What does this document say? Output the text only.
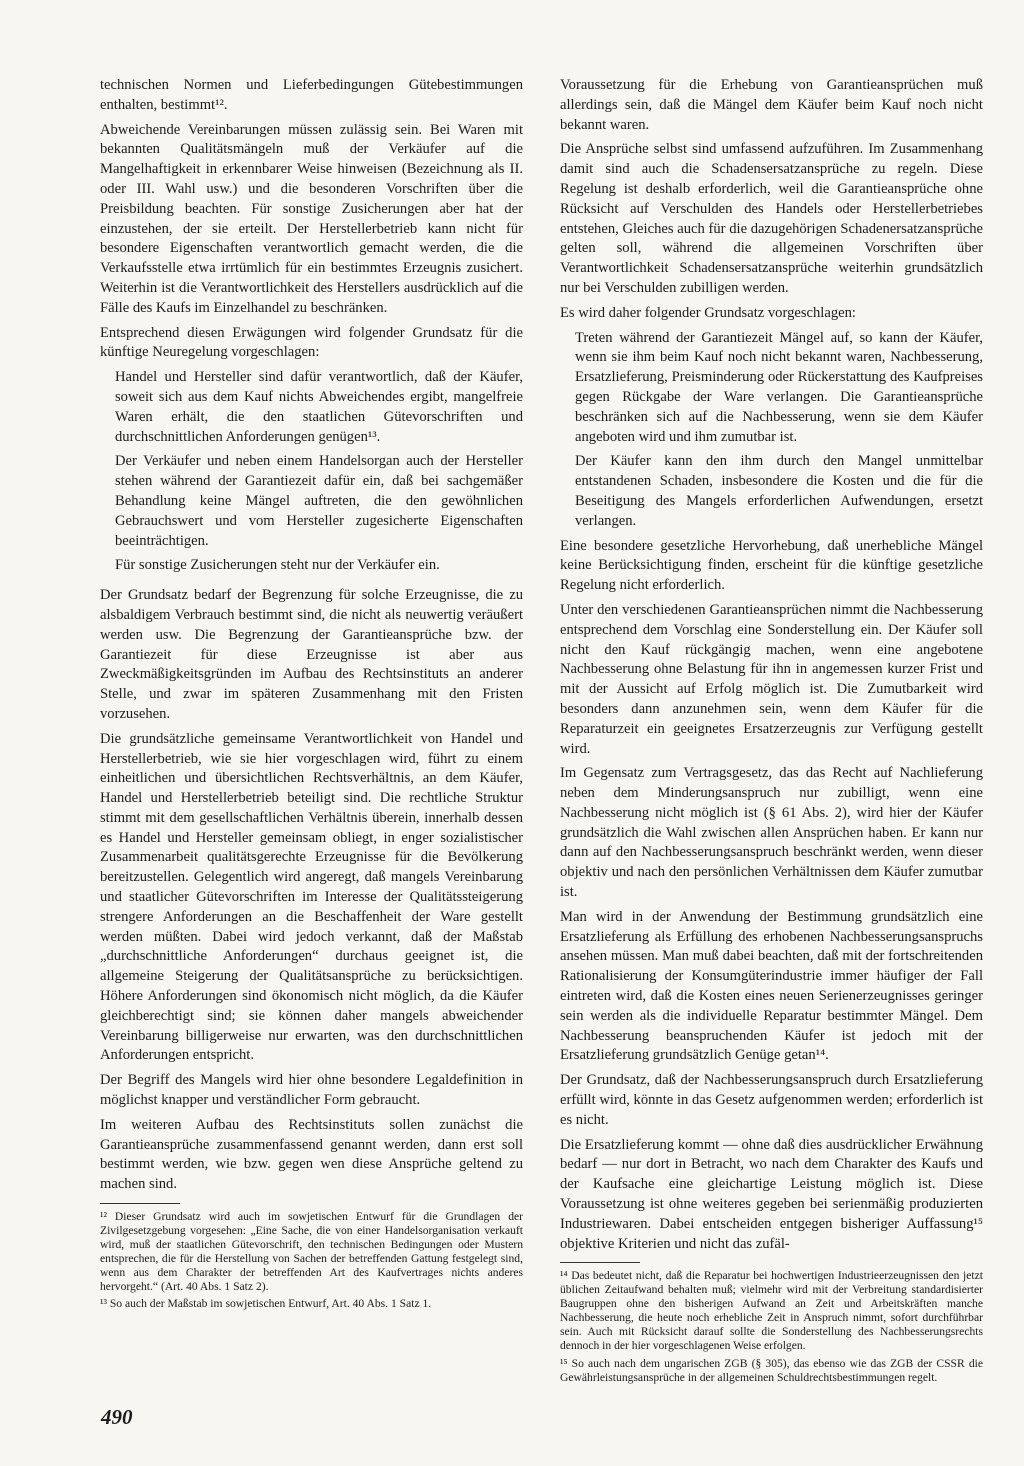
technischen Normen und Lieferbedingungen Gütebestimmungen enthalten, bestimmt¹².

Abweichende Vereinbarungen müssen zulässig sein. Bei Waren mit bekannten Qualitätsmängeln muß der Verkäufer auf die Mangelhaftigkeit in erkennbarer Weise hinweisen (Bezeichnung als II. oder III. Wahl usw.) und die besonderen Vorschriften über die Preisbildung beachten. Für sonstige Zusicherungen aber hat der einzustehen, der sie erteilt. Der Herstellerbetrieb kann nicht für besondere Eigenschaften verantwortlich gemacht werden, die die Verkaufsstelle etwa irrtümlich für ein bestimmtes Erzeugnis zusichert. Weiterhin ist die Verantwortlichkeit des Herstellers ausdrücklich auf die Fälle des Kaufs im Einzelhandel zu beschränken.

Entsprechend diesen Erwägungen wird folgender Grundsatz für die künftige Neuregelung vorgeschlagen:

Handel und Hersteller sind dafür verantwortlich, daß der Käufer, soweit sich aus dem Kauf nichts Abweichendes ergibt, mangelfreie Waren erhält, die den staatlichen Gütevorschriften und durchschnittlichen Anforderungen genügen¹³.

Der Verkäufer und neben einem Handelsorgan auch der Hersteller stehen während der Garantiezeit dafür ein, daß bei sachgemäßer Behandlung keine Mängel auftreten, die den gewöhnlichen Gebrauchswert und vom Hersteller zugesicherte Eigenschaften beeinträchtigen.

Für sonstige Zusicherungen steht nur der Verkäufer ein.

Der Grundsatz bedarf der Begrenzung für solche Erzeugnisse, die zu alsbaldigem Verbrauch bestimmt sind, die nicht als neuwertig veräußert werden usw. Die Begrenzung der Garantieansprüche bzw. der Garantiezeit für diese Erzeugnisse ist aber aus Zweckmäßigkeitsgründen im Aufbau des Rechtsinstituts an anderer Stelle, und zwar im späteren Zusammenhang mit den Fristen vorzusehen.

Die grundsätzliche gemeinsame Verantwortlichkeit von Handel und Herstellerbetrieb, wie sie hier vorgeschlagen wird, führt zu einem einheitlichen und übersichtlichen Rechtsverhältnis, an dem Käufer, Handel und Herstellerbetrieb beteiligt sind. Die rechtliche Struktur stimmt mit dem gesellschaftlichen Verhältnis überein, innerhalb dessen es Handel und Hersteller gemeinsam obliegt, in enger sozialistischer Zusammenarbeit qualitätsgerechte Erzeugnisse für die Bevölkerung bereitzustellen. Gelegentlich wird angeregt, daß mangels Vereinbarung und staatlicher Gütevorschriften im Interesse der Qualitätssteigerung strengere Anforderungen an die Beschaffenheit der Ware gestellt werden müßten. Dabei wird jedoch verkannt, daß der Maßstab „durchschnittliche Anforderungen“ durchaus geeignet ist, die allgemeine Steigerung der Qualitätsansprüche zu berücksichtigen. Höhere Anforderungen sind ökonomisch nicht möglich, da die Käufer gleichberechtigt sind; sie können daher mangels abweichender Vereinbarung billigerweise nur erwarten, was den durchschnittlichen Anforderungen entspricht.

Der Begriff des Mangels wird hier ohne besondere Legaldefinition in möglichst knapper und verständlicher Form gebraucht.

Im weiteren Aufbau des Rechtsinstituts sollen zunächst die Garantieansprüche zusammenfassend genannt werden, dann erst soll bestimmt werden, wie bzw. gegen wen diese Ansprüche geltend zu machen sind.

¹² Dieser Grundsatz wird auch im sowjetischen Entwurf für die Grundlagen der Zivilgesetzgebung vorgesehen: „Eine Sache, die von einer Handelsorganisation verkauft wird, muß der staatlichen Gütevorschrift, den technischen Bedingungen oder Mustern entsprechen, die für die Herstellung von Sachen der betreffenden Gattung festgelegt sind, wenn aus dem Charakter der betreffenden Art des Kaufvertrages nichts anderes hervorgeht.“ (Art. 40 Abs. 1 Satz 2).

¹³ So auch der Maßstab im sowjetischen Entwurf, Art. 40 Abs. 1 Satz 1.

Voraussetzung für die Erhebung von Garantieansprüchen muß allerdings sein, daß die Mängel dem Käufer beim Kauf noch nicht bekannt waren.

Die Ansprüche selbst sind umfassend aufzuführen. Im Zusammenhang damit sind auch die Schadensersatzansprüche zu regeln. Diese Regelung ist deshalb erforderlich, weil die Garantieansprüche ohne Rücksicht auf Verschulden des Handels oder Herstellerbetriebes entstehen, Gleiches auch für die dazugehörigen Schadenersatzansprüche gelten soll, während die allgemeinen Vorschriften über Verantwortlichkeit Schadensersatzansprüche weiterhin grundsätzlich nur bei Verschulden zubilligen werden.

Es wird daher folgender Grundsatz vorgeschlagen:

Treten während der Garantiezeit Mängel auf, so kann der Käufer, wenn sie ihm beim Kauf noch nicht bekannt waren, Nachbesserung, Ersatzlieferung, Preisminderung oder Rückerstattung des Kaufpreises gegen Rückgabe der Ware verlangen. Die Garantieansprüche beschränken sich auf die Nachbesserung, wenn sie dem Käufer angeboten wird und ihm zumutbar ist.

Der Käufer kann den ihm durch den Mangel unmittelbar entstandenen Schaden, insbesondere die Kosten und die für die Beseitigung des Mangels erforderlichen Aufwendungen, ersetzt verlangen.

Eine besondere gesetzliche Hervorhebung, daß unerhebliche Mängel keine Berücksichtigung finden, erscheint für die künftige gesetzliche Regelung nicht erforderlich.

Unter den verschiedenen Garantieansprüchen nimmt die Nachbesserung entsprechend dem Vorschlag eine Sonderstellung ein. Der Käufer soll nicht den Kauf rückgängig machen, wenn eine angebotene Nachbesserung ohne Belastung für ihn in angemessen kurzer Frist und mit der Aussicht auf Erfolg möglich ist. Die Zumutbarkeit wird besonders dann anzunehmen sein, wenn dem Käufer für die Reparaturzeit ein geeignetes Ersatzerzeugnis zur Verfügung gestellt wird.

Im Gegensatz zum Vertragsgesetz, das das Recht auf Nachlieferung neben dem Minderungsanspruch nur zubilligt, wenn eine Nachbesserung nicht möglich ist (§ 61 Abs. 2), wird hier der Käufer grundsätzlich die Wahl zwischen allen Ansprüchen haben. Er kann nur dann auf den Nachbesserungsanspruch beschränkt werden, wenn dieser objektiv und nach den persönlichen Verhältnissen dem Käufer zumutbar ist.

Man wird in der Anwendung der Bestimmung grundsätzlich eine Ersatzlieferung als Erfüllung des erhobenen Nachbesserungsanspruchs ansehen müssen. Man muß dabei beachten, daß mit der fortschreitenden Rationalisierung der Konsumgüterindustrie immer häufiger der Fall eintreten wird, daß die Kosten eines neuen Serienerzeugnisses geringer sein werden als die individuelle Reparatur bestimmter Mängel. Dem Nachbesserung beanspruchenden Käufer ist jedoch mit der Ersatzlieferung grundsätzlich Genüge getan¹⁴.

Der Grundsatz, daß der Nachbesserungsanspruch durch Ersatzlieferung erfüllt wird, könnte in das Gesetz aufgenommen werden; erforderlich ist es nicht.

Die Ersatzlieferung kommt — ohne daß dies ausdrücklicher Erwähnung bedarf — nur dort in Betracht, wo nach dem Charakter des Kaufs und der Kaufsache eine gleichartige Leistung möglich ist. Diese Voraussetzung ist ohne weiteres gegeben bei serienmäßig produzierten Industriewaren. Dabei entscheiden entgegen bisheriger Auffassung¹⁵ objektive Kriterien und nicht das zufäl-

¹⁴ Das bedeutet nicht, daß die Reparatur bei hochwertigen Industrieerzeugnissen den jetzt üblichen Zeitaufwand behalten muß; vielmehr wird mit der Verbreitung standardisierter Baugruppen ohne den bisherigen Aufwand an Zeit und Arbeitskräften manche Nachbesserung, die heute noch erhebliche Zeit in Anspruch nimmt, sofort durchführbar sein. Auch mit Rücksicht darauf sollte die Sonderstellung des Nachbesserungsrechts dennoch in der hier vorgeschlagenen Weise erfolgen.

¹⁵ So auch nach dem ungarischen ZGB (§ 305), das ebenso wie das ZGB der CSSR die Gewährleistungsansprüche in der allgemeinen Schuldrechtsbestimmungen regelt.

490
